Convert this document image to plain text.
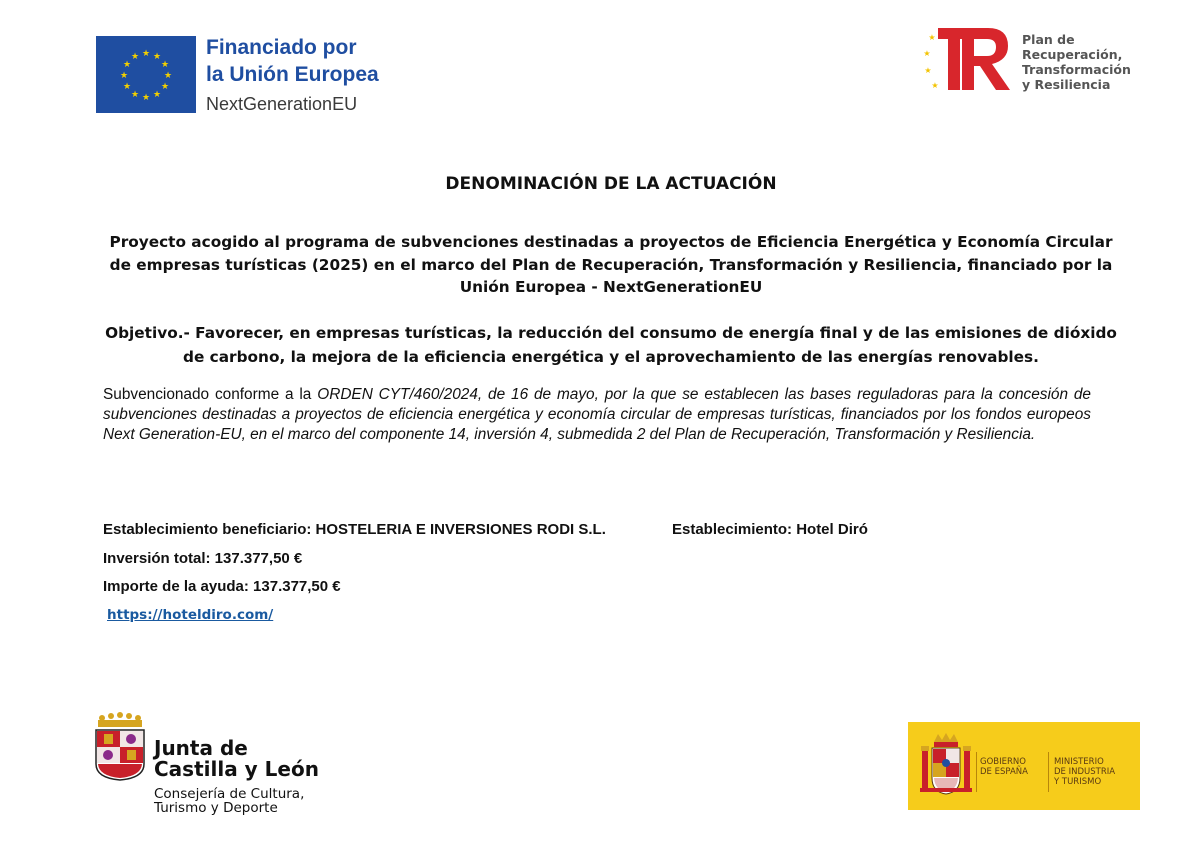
★ ★
★
★
★
★
★
★
★
★
★
★	Financiado por
la Unión Europea
NextGenerationEU
★
★
★
★
Plan de
Recuperación,
Transformación
y Resiliencia
DENOMINACIÓN DE LA ACTUACIÓN
Proyecto acogido al programa de subvenciones destinadas a proyectos de Eficiencia Energética y Economía Circular de empresas turísticas (2025) en el marco del Plan de Recuperación, Transformación y Resiliencia, financiado por la Unión Europea - NextGenerationEU
Objetivo.- Favorecer, en empresas turísticas, la reducción del consumo de energía final y de las emisiones de dióxido de carbono, la mejora de la eficiencia energética y el aprovechamiento de las energías renovables.
Subvencionado conforme a la ORDEN CYT/460/2024, de 16 de mayo, por la que se establecen las bases reguladoras para la concesión de subvenciones destinadas a proyectos de eficiencia energética y economía circular de empresas turísticas, financiados por los fondos europeos Next Generation-EU, en el marco del componente 14, inversión 4, submedida 2 del Plan de Recuperación, Transformación y Resiliencia.
Establecimiento beneficiario: HOSTELERIA E INVERSIONES RODI S.L.	Establecimiento: Hotel Diró
Inversión total: 137.377,50 €
Importe de la ayuda: 137.377,50 €
https://hoteldiro.com/
Junta de
Castilla y León
Consejería de Cultura,
Turismo y Deporte
GOBIERNO
DE ESPAÑA
MINISTERIO
DE INDUSTRIA
Y TURISMO
